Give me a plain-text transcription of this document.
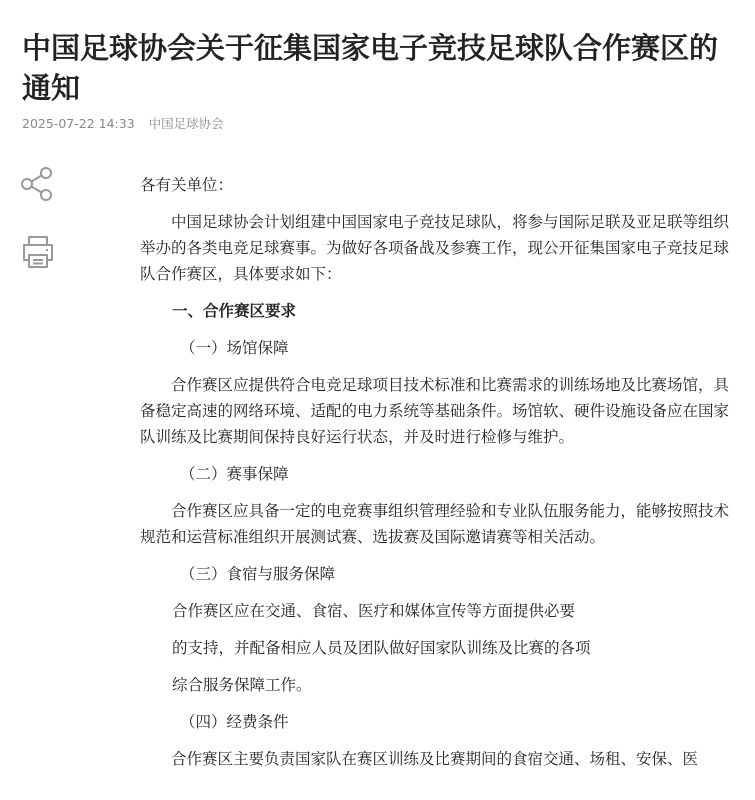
中国足球协会关于征集国家电子竞技足球队合作赛区的通知
2025-07-22 14:33 中国足球协会

各有关单位：

中国足球协会计划组建中国国家电子竞技足球队，将参与国际足联及亚足联等组织举办的各类电竞足球赛事。为做好各项备战及参赛工作，现公开征集国家电子竞技足球队合作赛区，具体要求如下：

一、合作赛区要求

（一）场馆保障

合作赛区应提供符合电竞足球项目技术标准和比赛需求的训练场地及比赛场馆，具备稳定高速的网络环境、适配的电力系统等基础条件。场馆软、硬件设施设备应在国家队训练及比赛期间保持良好运行状态，并及时进行检修与维护。

（二）赛事保障

合作赛区应具备一定的电竞赛事组织管理经验和专业队伍服务能力，能够按照技术规范和运营标准组织开展测试赛、选拔赛及国际邀请赛等相关活动。

（三）食宿与服务保障

合作赛区应在交通、食宿、医疗和媒体宣传等方面提供必要

的支持，并配备相应人员及团队做好国家队训练及比赛的各项

综合服务保障工作。

（四）经费条件

合作赛区主要负责国家队在赛区训练及比赛期间的食宿交通、场租、安保、医
